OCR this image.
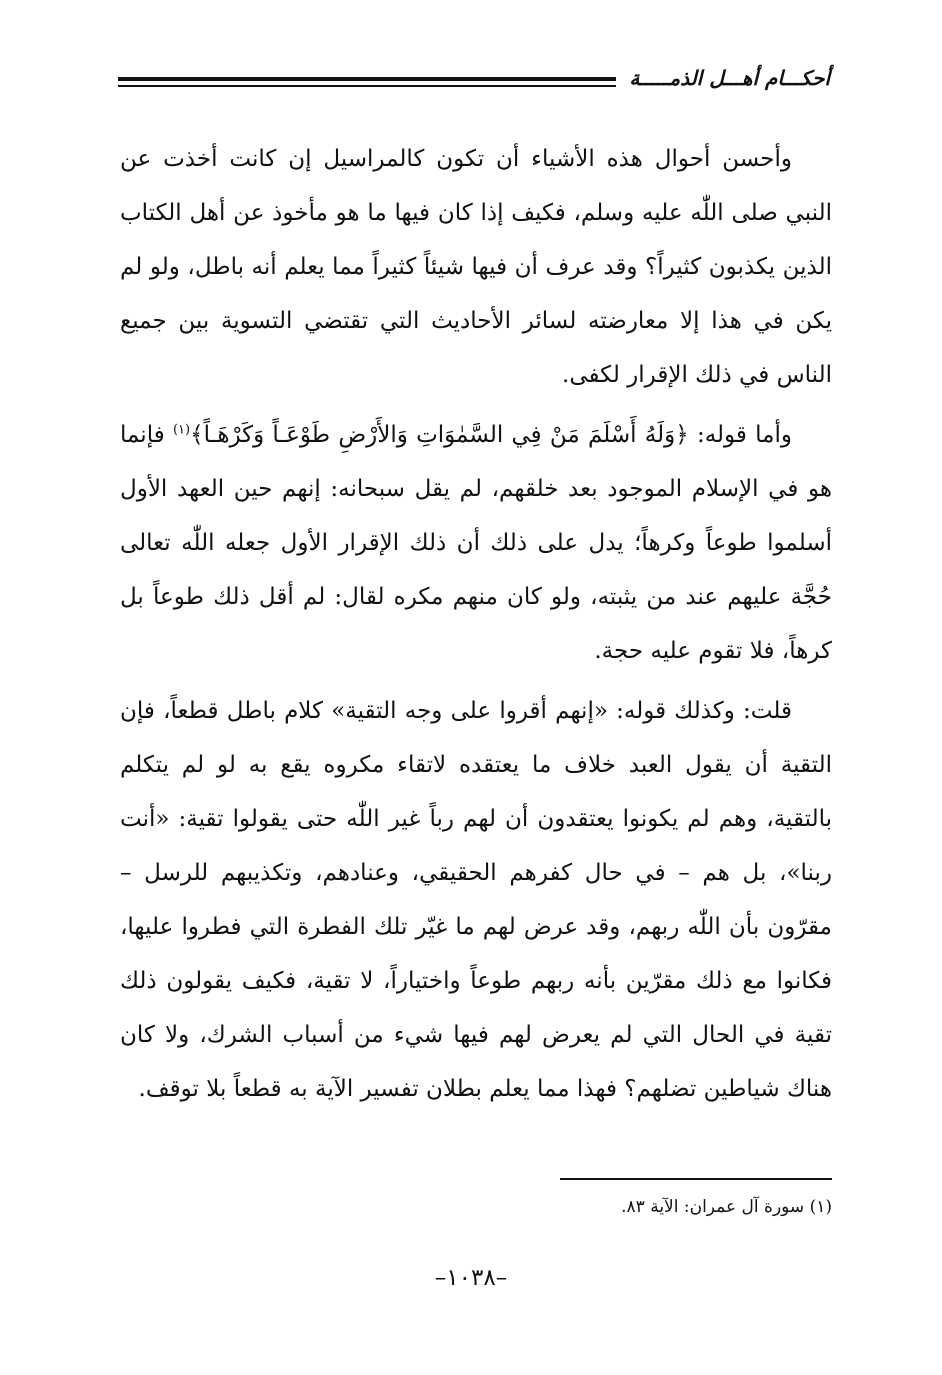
أحكـــام أهـــل الذمـــــة

وأحسن أحوال هذه الأشياء أن تكون كالمراسيل إن كانت أخذت عن النبي صلى اللّٰه عليه وسلم، فكيف إذا كان فيها ما هو مأخوذ عن أهل الكتاب الذين يكذبون كثيراً؟ وقد عرف أن فيها شيئاً كثيراً مما يعلم أنه باطل، ولو لم يكن في هذا إلا معارضته لسائر الأحاديث التي تقتضي التسوية بين جميع الناس في ذلك الإقرار لكفى.

وأما قوله: ﴿وَلَهُ أَسْلَمَ مَنْ فِي السَّمٰوَاتِ وَالأَرْضِ طَوْعَـاً وَكَرْهَـاً﴾$^{(١)}$ فإنما هو في الإسلام الموجود بعد خلقهم، لم يقل سبحانه: إنهم حين العهد الأول أسلموا طوعاً وكرهاً؛ يدل على ذلك أن ذلك الإقرار الأول جعله اللّٰه تعالى حُجَّة عليهم عند من يثبته، ولو كان منهم مكره لقال: لم أقل ذلك طوعاً بل كرهاً، فلا تقوم عليه حجة.

قلت: وكذلك قوله: «إنهم أقروا على وجه التقية» كلام باطل قطعاً، فإن التقية أن يقول العبد خلاف ما يعتقده لاتقاء مكروه يقع به لو لم يتكلم بالتقية، وهم لم يكونوا يعتقدون أن لهم رباً غير اللّٰه حتى يقولوا تقية: «أنت ربنا»، بل هم – في حال كفرهم الحقيقي، وعنادهم، وتكذيبهم للرسل – مقرّون بأن اللّٰه ربهم، وقد عرض لهم ما غيّر تلك الفطرة التي فطروا عليها، فكانوا مع ذلك مقرّين بأنه ربهم طوعاً واختياراً، لا تقية، فكيف يقولون ذلك تقية في الحال التي لم يعرض لهم فيها شيء من أسباب الشرك، ولا كان هناك شياطين تضلهم؟ فهذا مما يعلم بطلان تفسير الآية به قطعاً بلا توقف.

(١) سورة آل عمران: الآية ٨٣.
–١٠٣٨–
